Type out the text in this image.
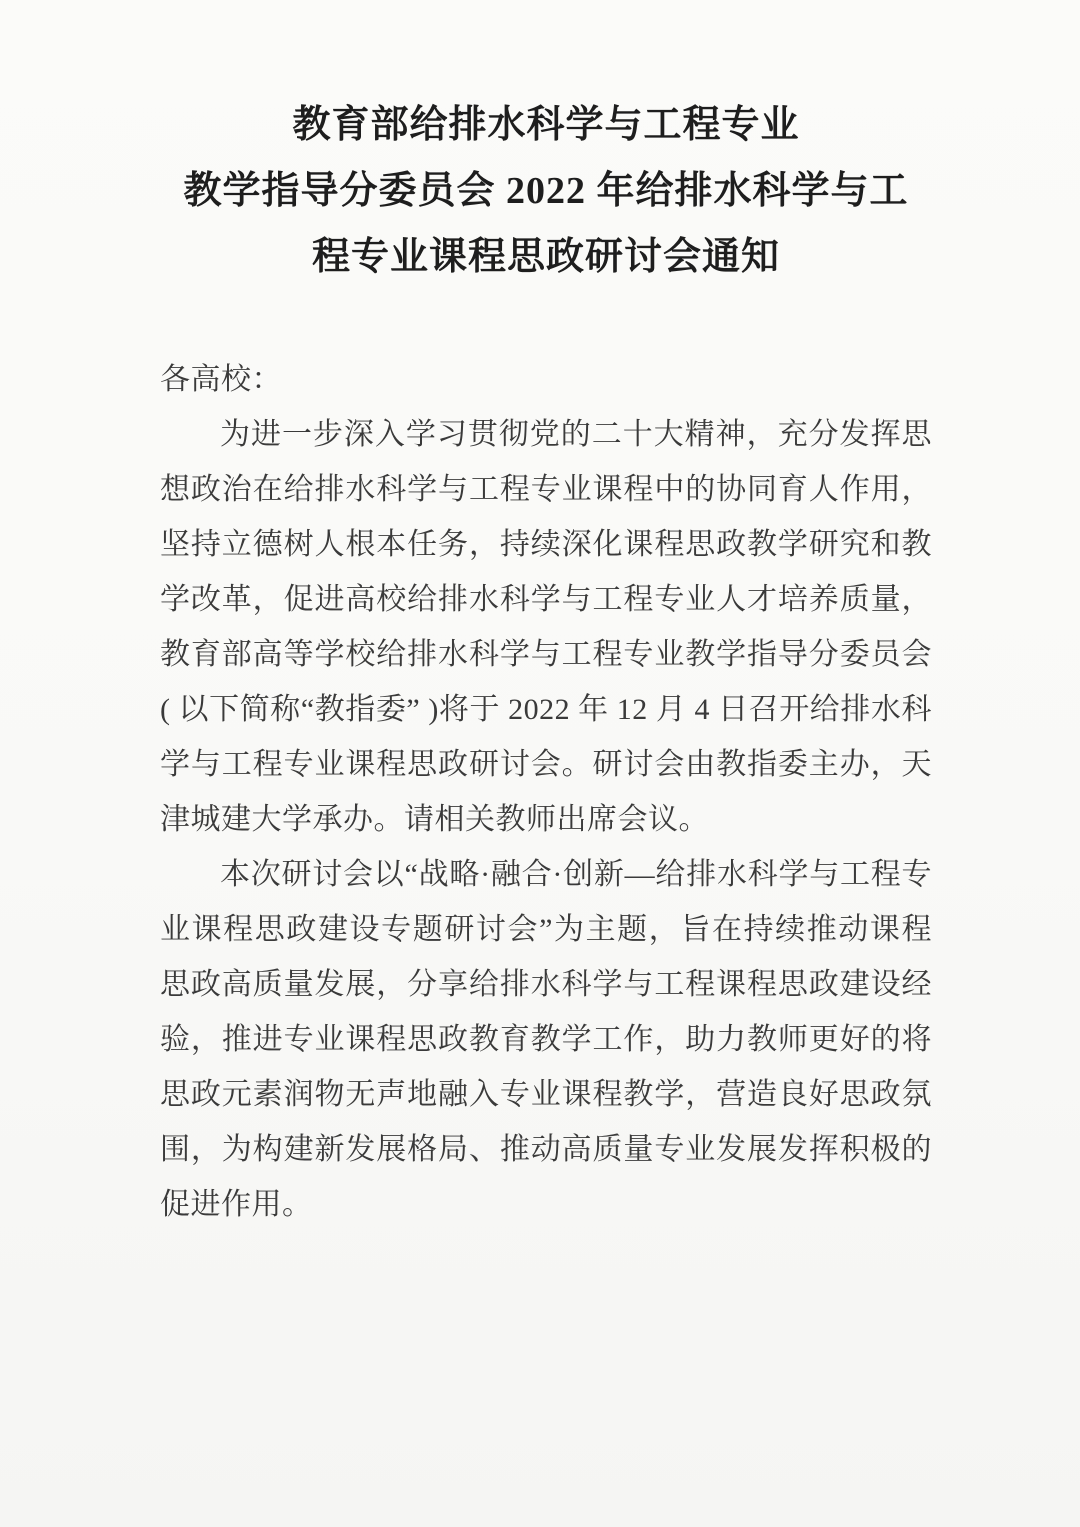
教育部给排水科学与工程专业
教学指导分委员会 2022 年给排水科学与工
程专业课程思政研讨会通知

各高校：

为进一步深入学习贯彻党的二十大精神，充分发挥思想政治在给排水科学与工程专业课程中的协同育人作用，坚持立德树人根本任务，持续深化课程思政教学研究和教学改革，促进高校给排水科学与工程专业人才培养质量，教育部高等学校给排水科学与工程专业教学指导分委员会( 以下简称“教指委” )将于 2022 年 12 月 4 日召开给排水科学与工程专业课程思政研讨会。研讨会由教指委主办，天津城建大学承办。请相关教师出席会议。

本次研讨会以“战略·融合·创新—给排水科学与工程专业课程思政建设专题研讨会”为主题，旨在持续推动课程思政高质量发展，分享给排水科学与工程课程思政建设经验，推进专业课程思政教育教学工作，助力教师更好的将思政元素润物无声地融入专业课程教学，营造良好思政氛围，为构建新发展格局、推动高质量专业发展发挥积极的促进作用。
